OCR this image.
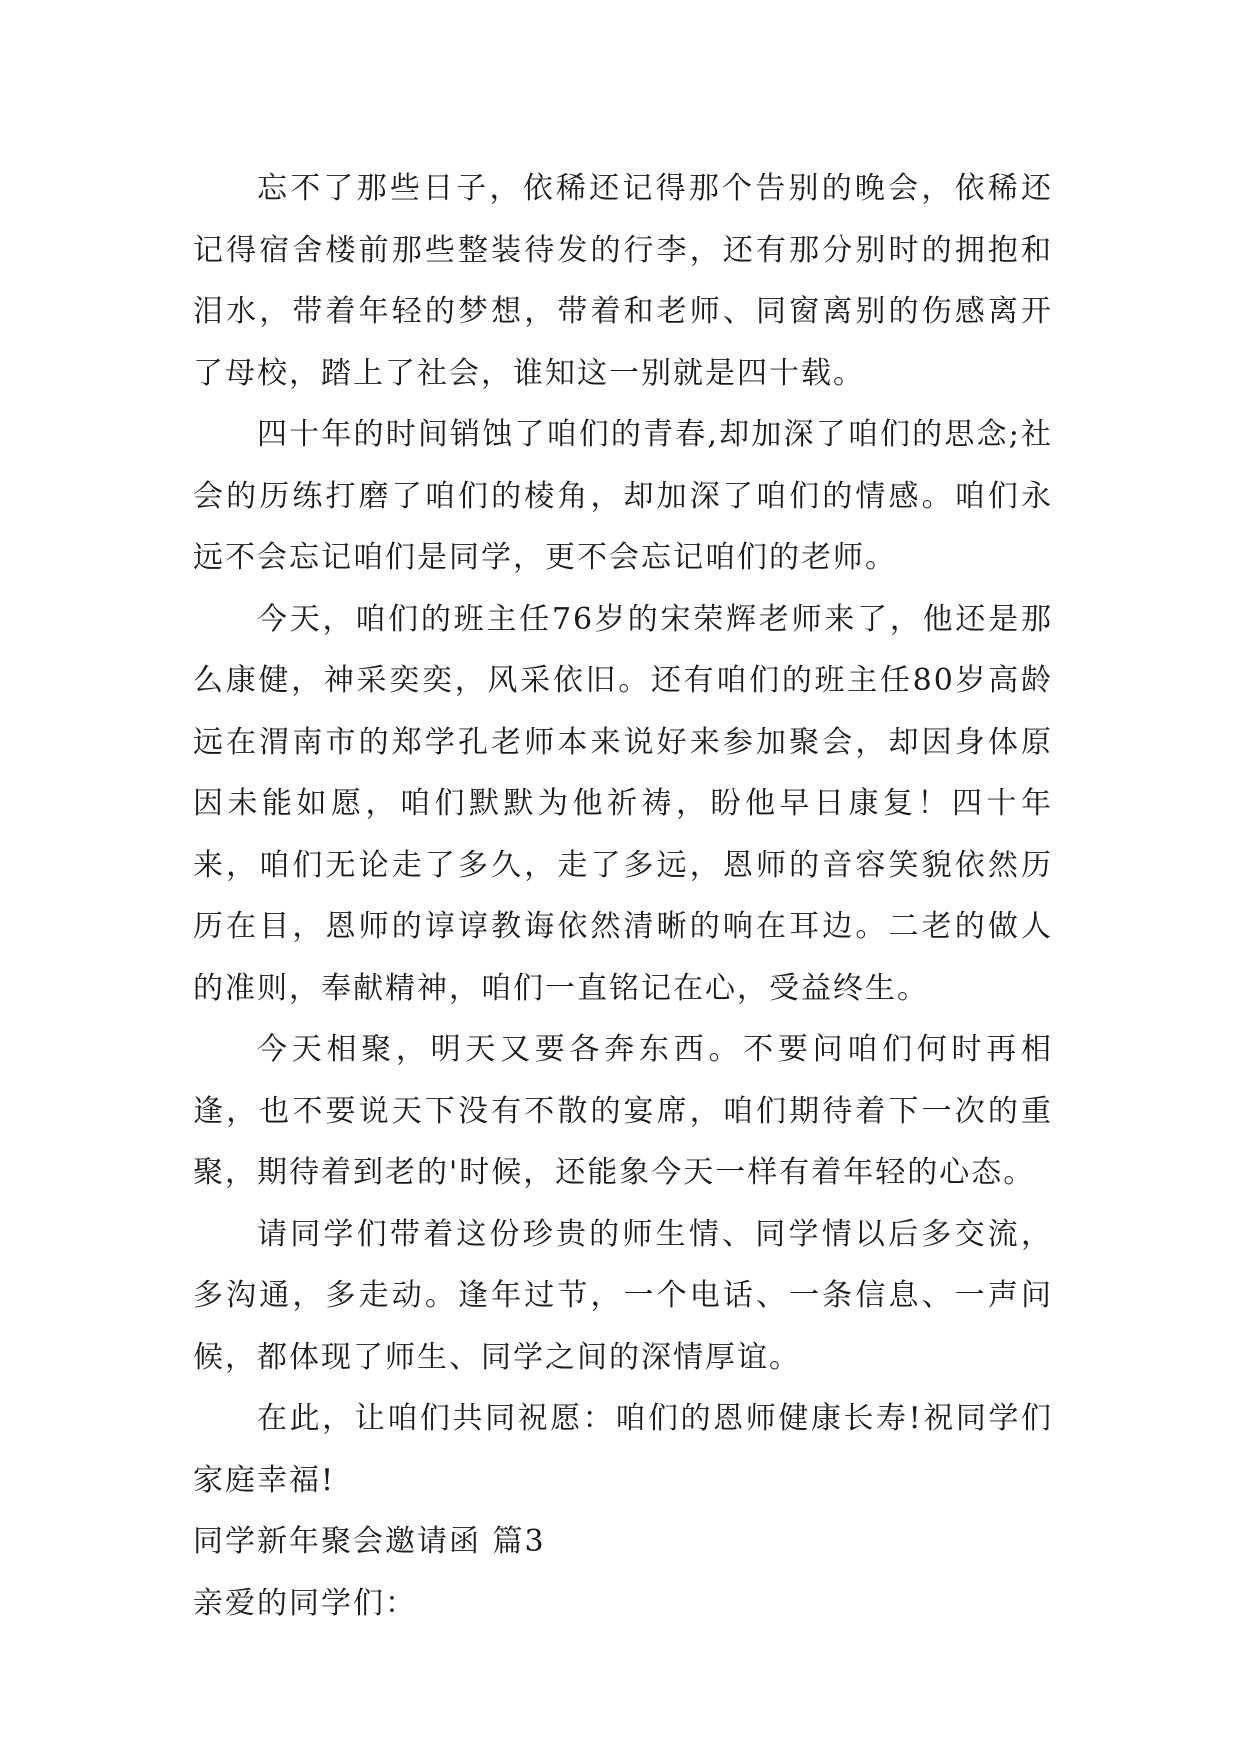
忘不了那些日子，依稀还记得那个告别的晚会，依稀还记得宿舍楼前那些整装待发的行李，还有那分别时的拥抱和泪水，带着年轻的梦想，带着和老师、同窗离别的伤感离开了母校，踏上了社会，谁知这一别就是四十载。

四十年的时间销蚀了咱们的青春,却加深了咱们的思念;社会的历练打磨了咱们的棱角，却加深了咱们的情感。咱们永远不会忘记咱们是同学，更不会忘记咱们的老师。

今天，咱们的班主任76岁的宋荣辉老师来了，他还是那么康健，神采奕奕，风采依旧。还有咱们的班主任80岁高龄远在渭南市的郑学孔老师本来说好来参加聚会，却因身体原因未能如愿，咱们默默为他祈祷，盼他早日康复！四十年来，咱们无论走了多久，走了多远，恩师的音容笑貌依然历历在目，恩师的谆谆教诲依然清晰的响在耳边。二老的做人的准则，奉献精神，咱们一直铭记在心，受益终生。

今天相聚，明天又要各奔东西。不要问咱们何时再相逢，也不要说天下没有不散的宴席，咱们期待着下一次的重聚，期待着到老的'时候，还能象今天一样有着年轻的心态。

请同学们带着这份珍贵的师生情、同学情以后多交流，多沟通，多走动。逢年过节，一个电话、一条信息、一声问候，都体现了师生、同学之间的深情厚谊。

在此，让咱们共同祝愿：咱们的恩师健康长寿!祝同学们家庭幸福!

同学新年聚会邀请函 篇3

亲爱的同学们：
